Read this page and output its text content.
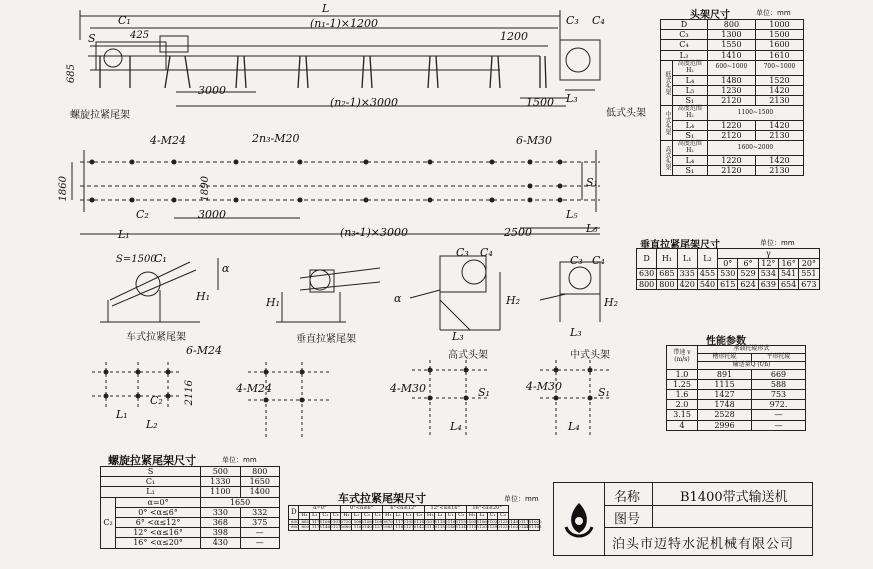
L
C₁
S	425
(n₁-1)×1200
1200
C₃ C₄
685
3000
(n₂-1)×3000	1500 L₃
螺旋拉紧尾架	低式头架
4-M24	2n₃-M20	6-M30
1860	1890
C₂	3000
L₁
S₁
L₅
L₆
(n₃-1)×3000	2500
S=1500
C₁
H₁
α
车式拉紧尾架
H₁
垂直拉紧尾架
α
C₃ C₄
H₂
L₃
高式头架
C₃ C₄
H₂
L₃
中式头架
6-M24
C₂ 2116
L₁
L₂
4-M24	4-M30	S₁
L₄
4-M30	S₁
L₄
头架尺寸	单位：mm
D		800	1000
C₃		1300	1500
C₄		1550	1600
L₃		1410	1610
低式头架	高度范围 H₂	600~1000	700~1000
	L₄	1480	1520
	L₅	1230	1420
	S₁	2120	2130
中式头架	高度范围 H₂	1100~1500	
	L₄	1220	1420
	S₁	2120	2130
高式头架	高度范围 H₂	1600~2000	
	L₄	1220	1420
	S₁	2120	2130
垂直拉紧尾架尺寸	单位：mm
D	H₁	L₁	L₂	γ				
				0°	6°	12°	16°	20°
630	685	335	455	530	529	534	541	551
800	800	420	540	615	624	639	654	673
性能参数
带速 v (m/s)	承载托辊形式	
	槽形托辊	平形托辊
	输送量Q (t/h)	
1.0	891	669
1.25	1115	588
1.6	1427	753
2.0	1748	972.
3.15	2528	—
4	2996	—
螺旋拉紧尾架尺寸	单位：mm
S		500	800
C₁		1330	1650
L₁		1100	1400
C₂	α=0°	1650	
	0° <α≤6°	330	332
	6° <α≤12°	368	375
	12° <α≤16°	398	—
	16° <α≤20°	430	—
车式拉紧尾架尺寸	单位：mm
D	α=0°				0°<α≤6°				6°<α≤12°				12°<α≤16°				16°<α≤20°						
	H₁	L₁	C₁	C₂	H₁	L₁	C₁	C₂	H₁	L₁	C₁	C₂	H₁	L₁	C₁	C₂	H₁	L₁	C₁	C₂			
630	685	1175	1080	1010	720	1085	1080	1080	870	1170	1050	1140	1015	1180	1160	1150	1055	1060	1030	1230	1400	1175	1020
800	800	1175	1460	1275	680	1100	1405	1275	985	1185	1270	1425	1110	1150	1405	1345	1155	1205	1390	1230	1030	1445	1165
名称	B1400带式输送机
图号
泊头市迈特水泥机械有限公司
